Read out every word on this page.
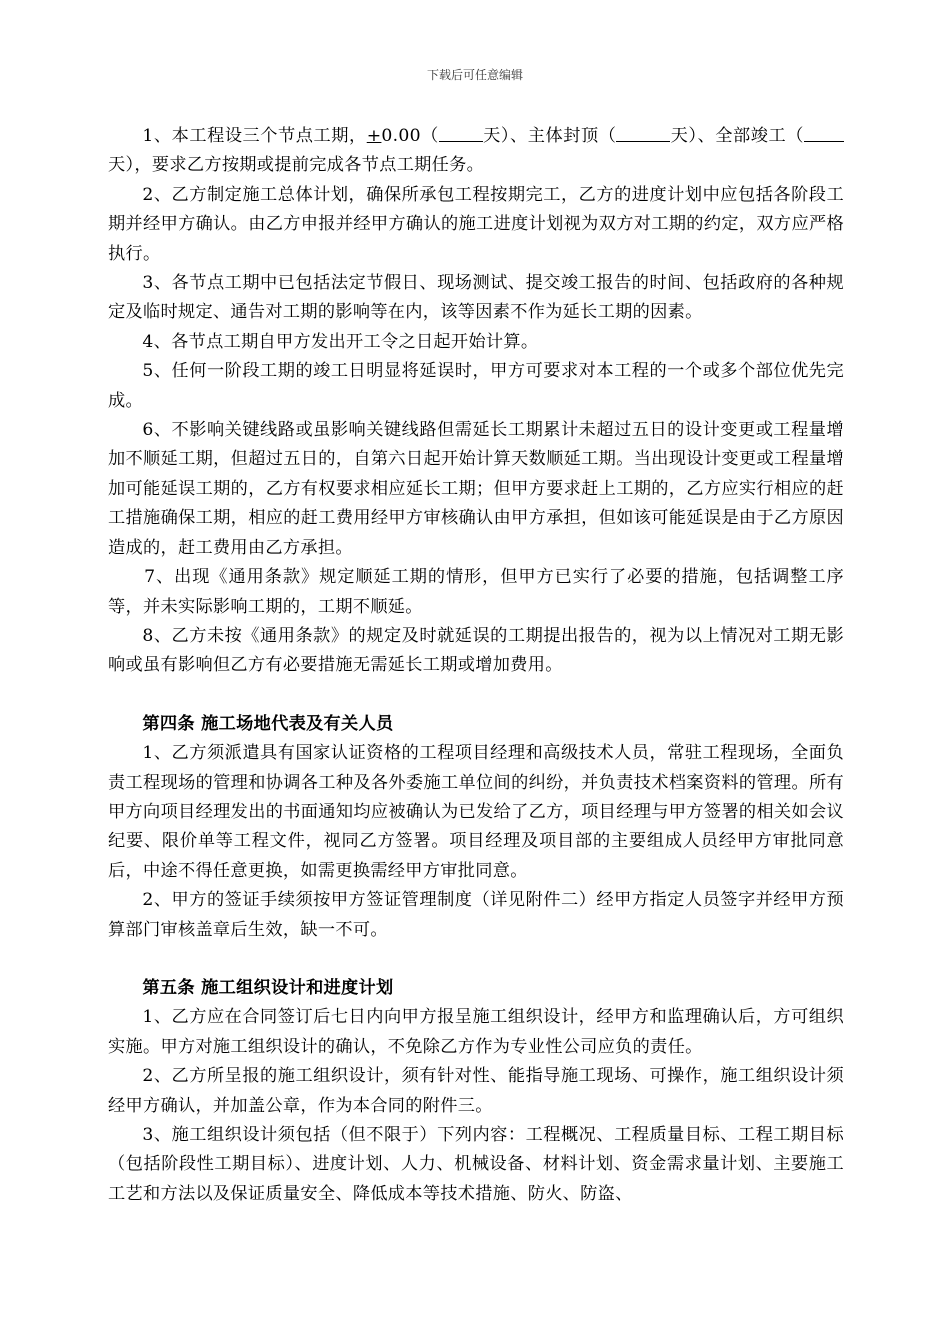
下载后可任意编辑

1、本工程设三个节点工期，+0.00（	天）、主体封顶（	天）、全部竣工（天），要求乙方按期或提前完成各节点工期任务。

2、乙方制定施工总体计划，确保所承包工程按期完工，乙方的进度计划中应包括各阶段工期并经甲方确认。由乙方申报并经甲方确认的施工进度计划视为双方对工期的约定，双方应严格执行。

3、各节点工期中已包括法定节假日、现场测试、提交竣工报告的时间、包括政府的各种规定及临时规定、通告对工期的影响等在内，该等因素不作为延长工期的因素。

4、各节点工期自甲方发出开工令之日起开始计算。

5、任何一阶段工期的竣工日明显将延误时，甲方可要求对本工程的一个或多个部位优先完成。

6、不影响关键线路或虽影响关键线路但需延长工期累计未超过五日的设计变更或工程量增加不顺延工期，但超过五日的，自第六日起开始计算天数顺延工期。当出现设计变更或工程量增加可能延误工期的，乙方有权要求相应延长工期；但甲方要求赶上工期的，乙方应实行相应的赶工措施确保工期，相应的赶工费用经甲方审核确认由甲方承担，但如该可能延误是由于乙方原因造成的，赶工费用由乙方承担。

7、出现《通用条款》规定顺延工期的情形，但甲方已实行了必要的措施，包括调整工序等，并未实际影响工期的，工期不顺延。

8、乙方未按《通用条款》的规定及时就延误的工期提出报告的，视为以上情况对工期无影响或虽有影响但乙方有必要措施无需延长工期或增加费用。

第四条 施工场地代表及有关人员

1、乙方须派遣具有国家认证资格的工程项目经理和高级技术人员，常驻工程现场，全面负责工程现场的管理和协调各工种及各外委施工单位间的纠纷，并负责技术档案资料的管理。所有甲方向项目经理发出的书面通知均应被确认为已发给了乙方，项目经理与甲方签署的相关如会议纪要、限价单等工程文件，视同乙方签署。项目经理及项目部的主要组成人员经甲方审批同意后，中途不得任意更换，如需更换需经甲方审批同意。

2、甲方的签证手续须按甲方签证管理制度（详见附件二）经甲方指定人员签字并经甲方预算部门审核盖章后生效，缺一不可。

第五条 施工组织设计和进度计划

1、乙方应在合同签订后七日内向甲方报呈施工组织设计，经甲方和监理确认后，方可组织实施。甲方对施工组织设计的确认，不免除乙方作为专业性公司应负的责任。

2、乙方所呈报的施工组织设计，须有针对性、能指导施工现场、可操作，施工组织设计须经甲方确认，并加盖公章，作为本合同的附件三。

3、施工组织设计须包括（但不限于）下列内容：工程概况、工程质量目标、工程工期目标（包括阶段性工期目标）、进度计划、人力、机械设备、材料计划、资金需求量计划、主要施工工艺和方法以及保证质量安全、降低成本等技术措施、防火、防盗、
